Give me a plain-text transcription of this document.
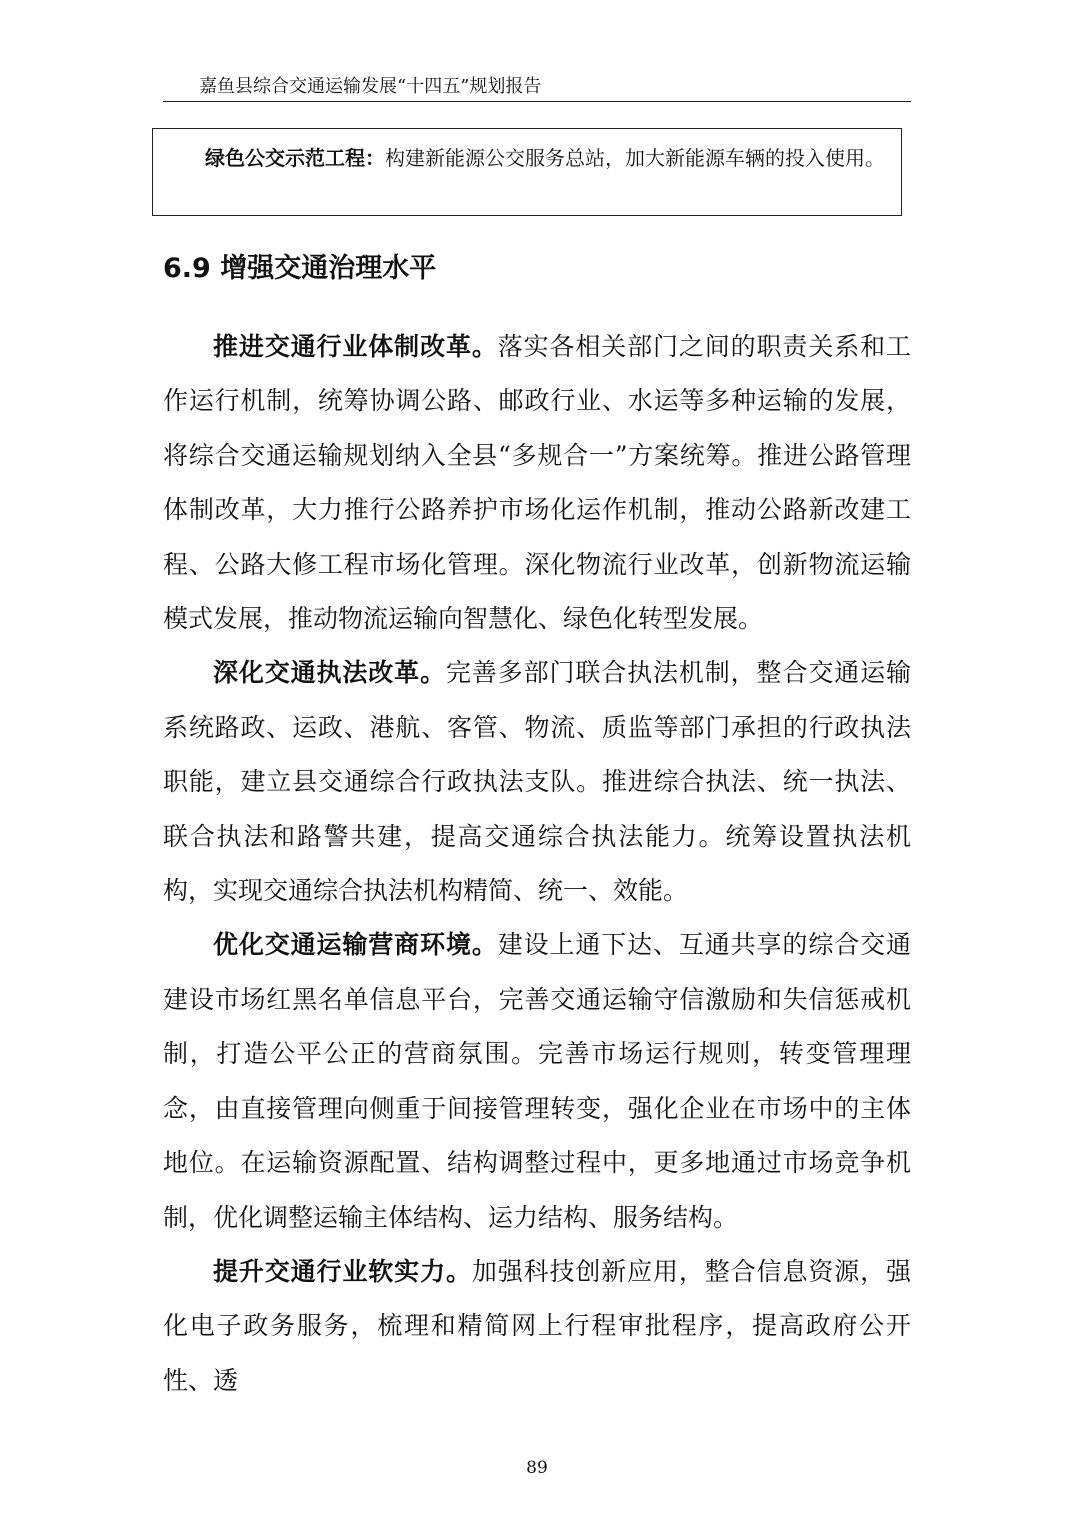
嘉鱼县综合交通运输发展“十四五”规划报告
绿色公交示范工程：构建新能源公交服务总站，加大新能源车辆的投入使用。
6.9 增强交通治理水平

推进交通行业体制改革。落实各相关部门之间的职责关系和工作运行机制，统筹协调公路、邮政行业、水运等多种运输的发展，将综合交通运输规划纳入全县“多规合一”方案统筹。推进公路管理体制改革，大力推行公路养护市场化运作机制，推动公路新改建工程、公路大修工程市场化管理。深化物流行业改革，创新物流运输模式发展，推动物流运输向智慧化、绿色化转型发展。

深化交通执法改革。完善多部门联合执法机制，整合交通运输系统路政、运政、港航、客管、物流、质监等部门承担的行政执法职能，建立县交通综合行政执法支队。推进综合执法、统一执法、联合执法和路警共建，提高交通综合执法能力。统筹设置执法机构，实现交通综合执法机构精简、统一、效能。

优化交通运输营商环境。建设上通下达、互通共享的综合交通建设市场红黑名单信息平台，完善交通运输守信激励和失信惩戒机制，打造公平公正的营商氛围。完善市场运行规则，转变管理理念，由直接管理向侧重于间接管理转变，强化企业在市场中的主体地位。在运输资源配置、结构调整过程中，更多地通过市场竞争机制，优化调整运输主体结构、运力结构、服务结构。

提升交通行业软实力。加强科技创新应用，整合信息资源，强化电子政务服务，梳理和精简网上行程审批程序，提高政府公开性、透

89
